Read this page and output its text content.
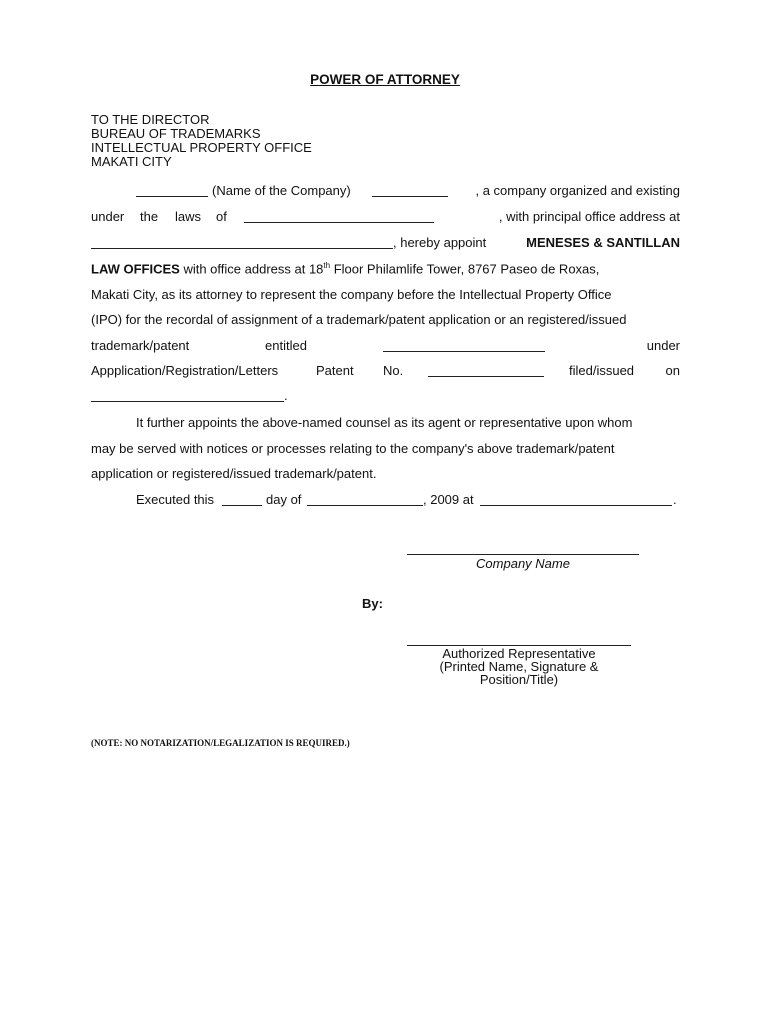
POWER OF ATTORNEY
TO THE DIRECTOR
BUREAU OF TRADEMARKS
INTELLECTUAL PROPERTY OFFICE
MAKATI CITY
(Name of the Company)	, a company organized and existing
under the laws of	, with principal office address at
, hereby appoint	MENESES & SANTILLAN
LAW OFFICES with office address at 18th Floor Philamlife Tower, 8767 Paseo de Roxas,
Makati City, as its attorney to represent the company before the Intellectual Property Office
(IPO) for the recordal of assignment of a trademark/patent application or an registered/issued
trademark/patent	entitled	under
Appplication/Registration/Letters	Patent No.	filed/issued on
.
It further appoints the above-named counsel as its agent or representative upon whom
may be served with notices or processes relating to the company's above trademark/patent
application or registered/issued trademark/patent.
Executed this	day of	, 2009 at	.
Company Name
By:
Authorized Representative
(Printed Name, Signature &
Position/Title)
(NOTE: NO NOTARIZATION/LEGALIZATION IS REQUIRED.)
